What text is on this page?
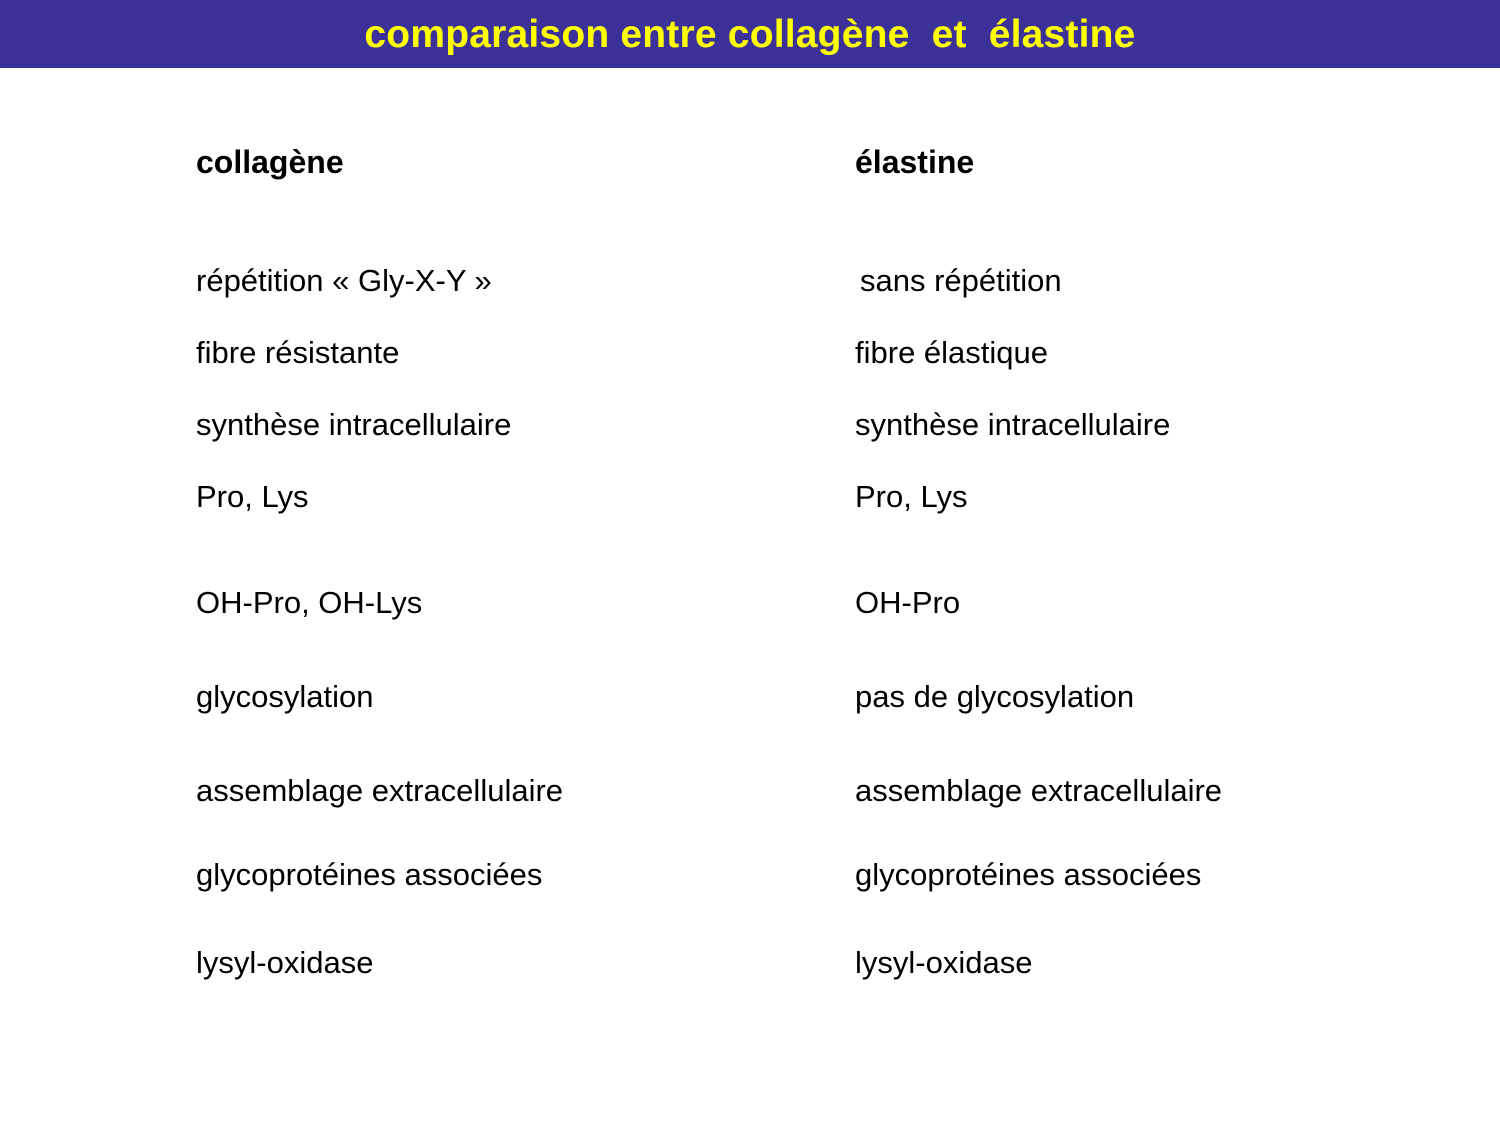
comparaison entre collagène  et  élastine
collagène
répétition « Gly-X-Y »
fibre résistante
synthèse intracellulaire
Pro, Lys
OH-Pro, OH-Lys
glycosylation
assemblage extracellulaire
glycoprotéines associées
lysyl-oxidase
élastine
sans répétition
fibre élastique
synthèse intracellulaire
Pro, Lys
OH-Pro
pas de glycosylation
assemblage extracellulaire
glycoprotéines associées
lysyl-oxidase
